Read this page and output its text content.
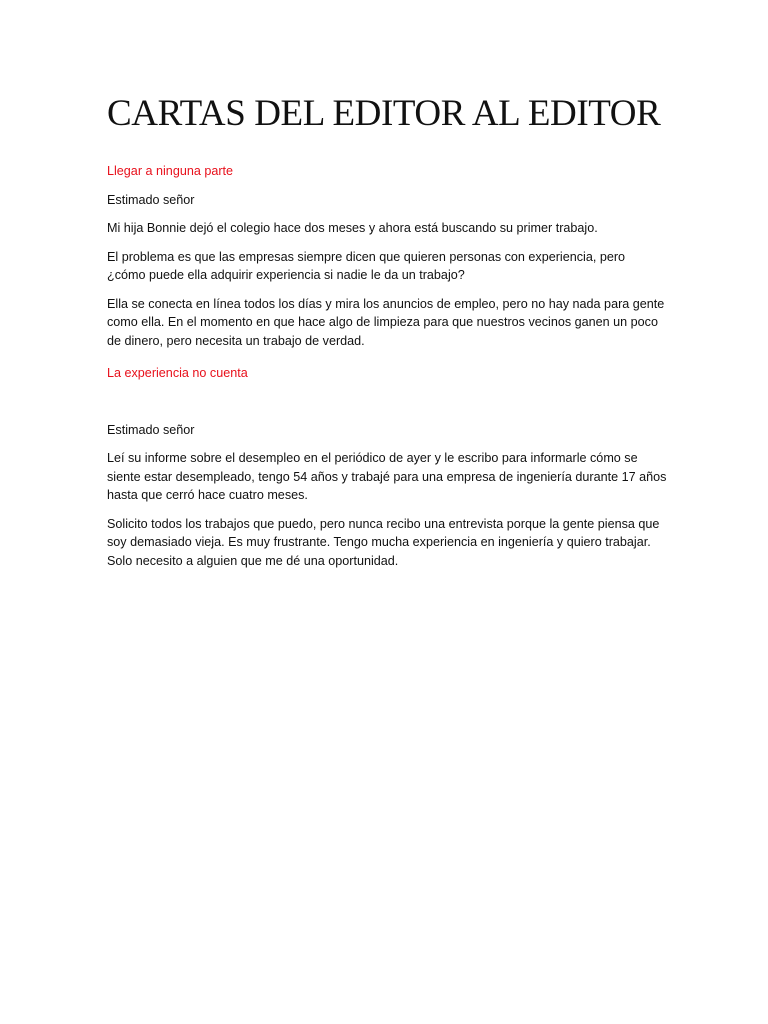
CARTAS DEL EDITOR AL EDITOR

Llegar a ninguna parte

Estimado señor

Mi hija Bonnie dejó el colegio hace dos meses y ahora está buscando su primer trabajo.

El problema es que las empresas siempre dicen que quieren personas con experiencia, pero ¿cómo puede ella adquirir experiencia si nadie le da un trabajo?

Ella se conecta en línea todos los días y mira los anuncios de empleo, pero no hay nada para gente como ella. En el momento en que hace algo de limpieza para que nuestros vecinos ganen un poco de dinero, pero necesita un trabajo de verdad.

La experiencia no cuenta

Estimado señor

Leí su informe sobre el desempleo en el periódico de ayer y le escribo para informarle cómo se siente estar desempleado, tengo 54 años y trabajé para una empresa de ingeniería durante 17 años hasta que cerró hace cuatro meses.

Solicito todos los trabajos que puedo, pero nunca recibo una entrevista porque la gente piensa que soy demasiado vieja. Es muy frustrante. Tengo mucha experiencia en ingeniería y quiero trabajar. Solo necesito a alguien que me dé una oportunidad.
